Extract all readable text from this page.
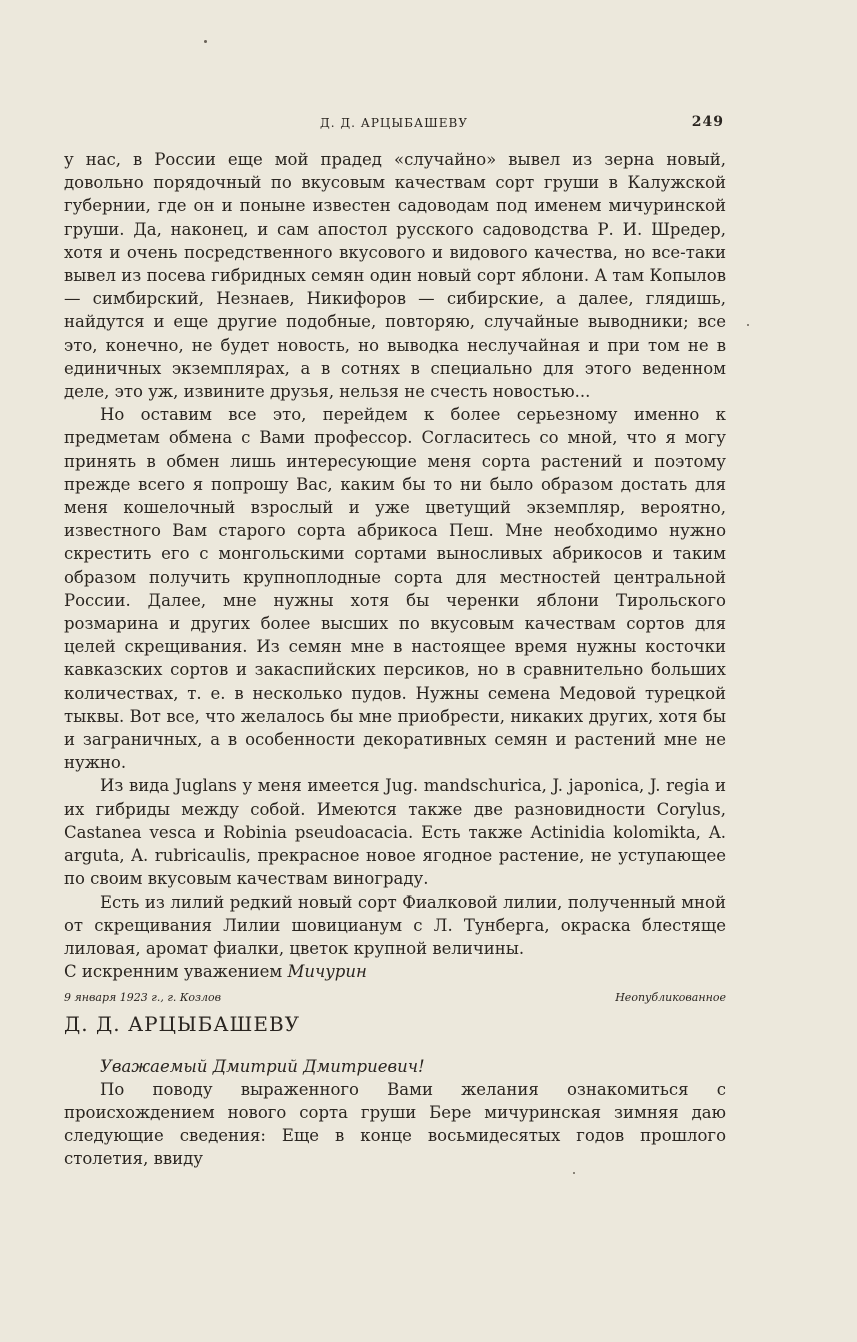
Д. Д. АРЦЫБАШЕВУ	249

у нас, в России еще мой прадед «случайно» вывел из зерна новый, довольно порядочный по вкусовым качествам сорт груши в Калужской губернии, где он и поныне известен садоводам под именем мичуринской груши. Да, наконец, и сам апостол русского садоводства Р. И. Шредер, хотя и очень посредственного вкусового и видового качества, но все-таки вывел из посева гибридных семян один новый сорт яблони. А там Копылов — симбирский, Незнаев, Никифоров — сибирские, а далее, глядишь, найдутся и еще другие подобные, повторяю, случайные выводники; все это, конечно, не будет новость, но выводка неслучайная и при том не в единичных экземплярах, а в сотнях в специально для этого веденном деле, это уж, извините друзья, нельзя не счесть новостью...

Но оставим все это, перейдем к более серьезному именно к предметам обмена с Вами профессор. Согласитесь со мной, что я могу принять в обмен лишь интересующие меня сорта растений и поэтому прежде всего я попрошу Вас, каким бы то ни было образом достать для меня кошелочный взрослый и уже цветущий экземпляр, вероятно, известного Вам старого сорта абрикоса Пеш. Мне необходимо нужно скрестить его с монгольскими сортами выносливых абрикосов и таким образом получить крупноплодные сорта для местностей центральной России. Далее, мне нужны хотя бы черенки яблони Тирольского розмарина и других более высших по вкусовым качествам сортов для целей скрещивания. Из семян мне в настоящее время нужны косточки кавказских сортов и закаспийских персиков, но в сравнительно больших количествах, т. е. в несколько пудов. Нужны семена Медовой турецкой тыквы. Вот все, что желалось бы мне приобрести, никаких других, хотя бы и заграничных, а в особенности декоративных семян и растений мне не нужно.

Из вида Juglans у меня имеется Jug. mandschurica, J. japonica, J. regia и их гибриды между собой. Имеются также две разновидности Corylus, Castanea vesca и Robinia pseudoacacia. Есть также Actinidia kolomikta, A. arguta, A. rubricaulis, прекрасное новое ягодное растение, не уступающее по своим вкусовым качествам винограду.

Есть из лилий редкий новый сорт Фиалковой лилии, полученный мной от скрещивания Лилии шовицианум с Л. Тунберга, окраска блестяще лиловая, аромат фиалки, цветок крупной величины.

С искренним уважением Мичурин

9 января 1923 г., г. Козлов	Неопубликованное
Д. Д. АРЦЫБАШЕВУ

Уважаемый Дмитрий Дмитриевич!

По поводу выраженного Вами желания ознакомиться с происхождением нового сорта груши Бере мичуринская зимняя даю следующие сведения: Еще в конце восьмидесятых годов прошлого столетия, ввиду
